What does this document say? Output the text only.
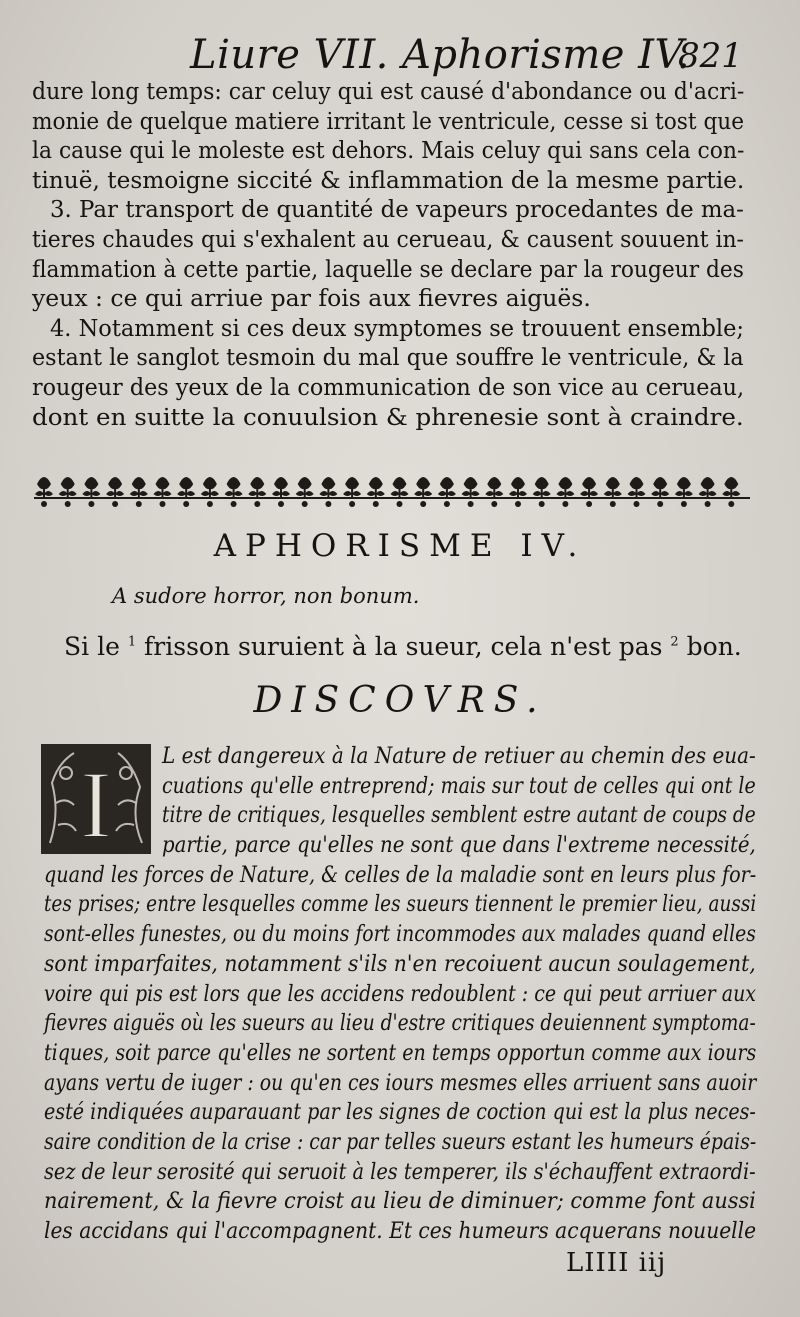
Liure VII. Aphorisme IV.
821
dure long temps: car celuy qui est causé d'abondance ou d'acri-
monie de quelque matiere irritant le ventricule, cesse si tost que
la cause qui le moleste est dehors. Mais celuy qui sans cela con-
tinuë, tesmoigne siccité & inflammation de la mesme partie.
3. Par transport de quantité de vapeurs procedantes de ma-
tieres chaudes qui s'exhalent au cerueau, & causent souuent in-
flammation à cette partie, laquelle se declare par la rougeur des
yeux : ce qui arriue par fois aux fievres aiguës.
4. Notamment si ces deux symptomes se trouuent ensemble;
estant le sanglot tesmoin du mal que souffre le ventricule, & la
rougeur des yeux de la communication de son vice au cerueau,
dont en suitte la conuulsion & phrenesie sont à craindre.
APHORISME IV.
A sudore horror, non bonum.
Si le $^1$ frisson suruient à la sueur, cela n'est pas $^2$ bon.
DISCOVRS.
I	L est dangereux à la Nature de retiuer au chemin des eua-
cuations qu'elle entreprend; mais sur tout de celles qui ont le
titre de critiques, lesquelles semblent estre autant de coups de
partie, parce qu'elles ne sont que dans l'extreme necessité,
quand les forces de Nature, & celles de la maladie sont en leurs plus for-
tes prises; entre lesquelles comme les sueurs tiennent le premier lieu, aussi
sont-elles funestes, ou du moins fort incommodes aux malades quand elles
sont imparfaites, notamment s'ils n'en recoiuent aucun soulagement,
voire qui pis est lors que les accidens redoublent : ce qui peut arriuer aux
fievres aiguës où les sueurs au lieu d'estre critiques deuiennent symptoma-
tiques, soit parce qu'elles ne sortent en temps opportun comme aux iours
ayans vertu de iuger : ou qu'en ces iours mesmes elles arriuent sans auoir
esté indiquées auparauant par les signes de coction qui est la plus neces-
saire condition de la crise : car par telles sueurs estant les humeurs épais-
sez de leur serosité qui seruoit à les temperer, ils s'échauffent extraordi-
nairement, & la fievre croist au lieu de diminuer; comme font aussi
les accidans qui l'accompagnent. Et ces humeurs acquerans nouuelle
LIIII iij
